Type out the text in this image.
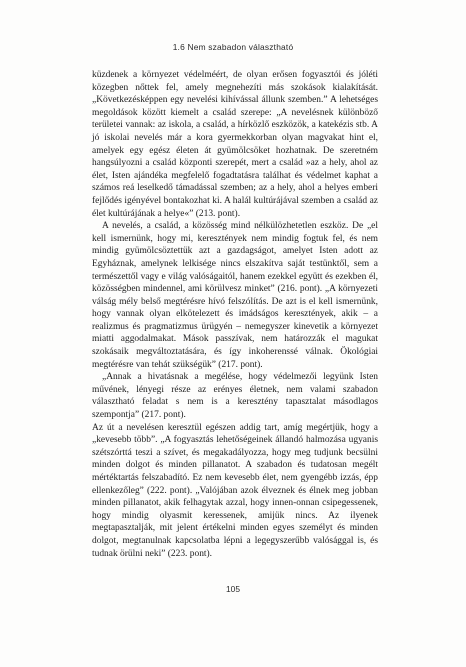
1.6 Nem szabadon választható

küzdenek a környezet védelméért, de olyan erősen fogyasztói és jóléti közegben nőttek fel, amely megnehezíti más szokások kialakítását. „Következésképpen egy nevelési kihívással állunk szemben.” A lehetséges megoldások között kiemelt a család szerepe: „A nevelésnek különböző területei vannak: az iskola, a család, a hírközlő eszközök, a katekézis stb. A jó iskolai nevelés már a kora gyermekkorban olyan magvakat hint el, amelyek egy egész életen át gyümölcsöket hozhatnak. De szeretném hangsúlyozni a család központi szerepét, mert a család »az a hely, ahol az élet, Isten ajándéka megfelelő fogadtatásra találhat és védelmet kaphat a számos reá leselkedő támadással szemben; az a hely, ahol a helyes emberi fejlődés igényével bontakozhat ki. A halál kultúrájával szemben a család az élet kultúrájának a helye«” (213. pont).

A nevelés, a család, a közösség mind nélkülözhetetlen eszköz. De „el kell ismernünk, hogy mi, keresztények nem mindig fogtuk fel, és nem mindig gyümölcsöztettük azt a gazdagságot, amelyet Isten adott az Egyháznak, amelynek lelkisége nincs elszakítva saját testünktől, sem a természettől vagy e világ valóságaitól, hanem ezekkel együtt és ezekben él, közösségben mindennel, ami körülvesz minket” (216. pont). „A környezeti válság mély belső megtérésre hívó felszólítás. De azt is el kell ismernünk, hogy vannak olyan elkötelezett és imádságos keresztények, akik – a realizmus és pragmatizmus ürügyén – nemegyszer kinevetik a környezet miatti aggodalmakat. Mások passzívak, nem határozzák el magukat szokásaik megváltoztatására, és így inkoherenssé válnak. Ökológiai megtérésre van tehát szükségük” (217. pont).

„Annak a hivatásnak a megélése, hogy védelmezői legyünk Isten művének, lényegi része az erényes életnek, nem valami szabadon választható feladat s nem is a keresztény tapasztalat másodlagos szempontja” (217. pont).

Az út a nevelésen keresztül egészen addig tart, amíg megértjük, hogy a „kevesebb több”. „A fogyasztás lehetőségeinek állandó halmozása ugyanis szétszórttá teszi a szívet, és megakadályozza, hogy meg tudjunk becsülni minden dolgot és minden pillanatot. A szabadon és tudatosan megélt mértéktartás felszabadító. Ez nem kevesebb élet, nem gyengébb izzás, épp ellenkezőleg” (222. pont). „Valójában azok élveznek és élnek meg jobban minden pillanatot, akik felhagytak azzal, hogy innen-onnan csipegessenek, hogy mindig olyasmit keressenek, amijük nincs. Az ilyenek megtapasztalják, mit jelent értékelni minden egyes személyt és minden dolgot, megtanulnak kapcsolatba lépni a legegyszerűbb valósággal is, és tudnak örülni neki” (223. pont).

105
